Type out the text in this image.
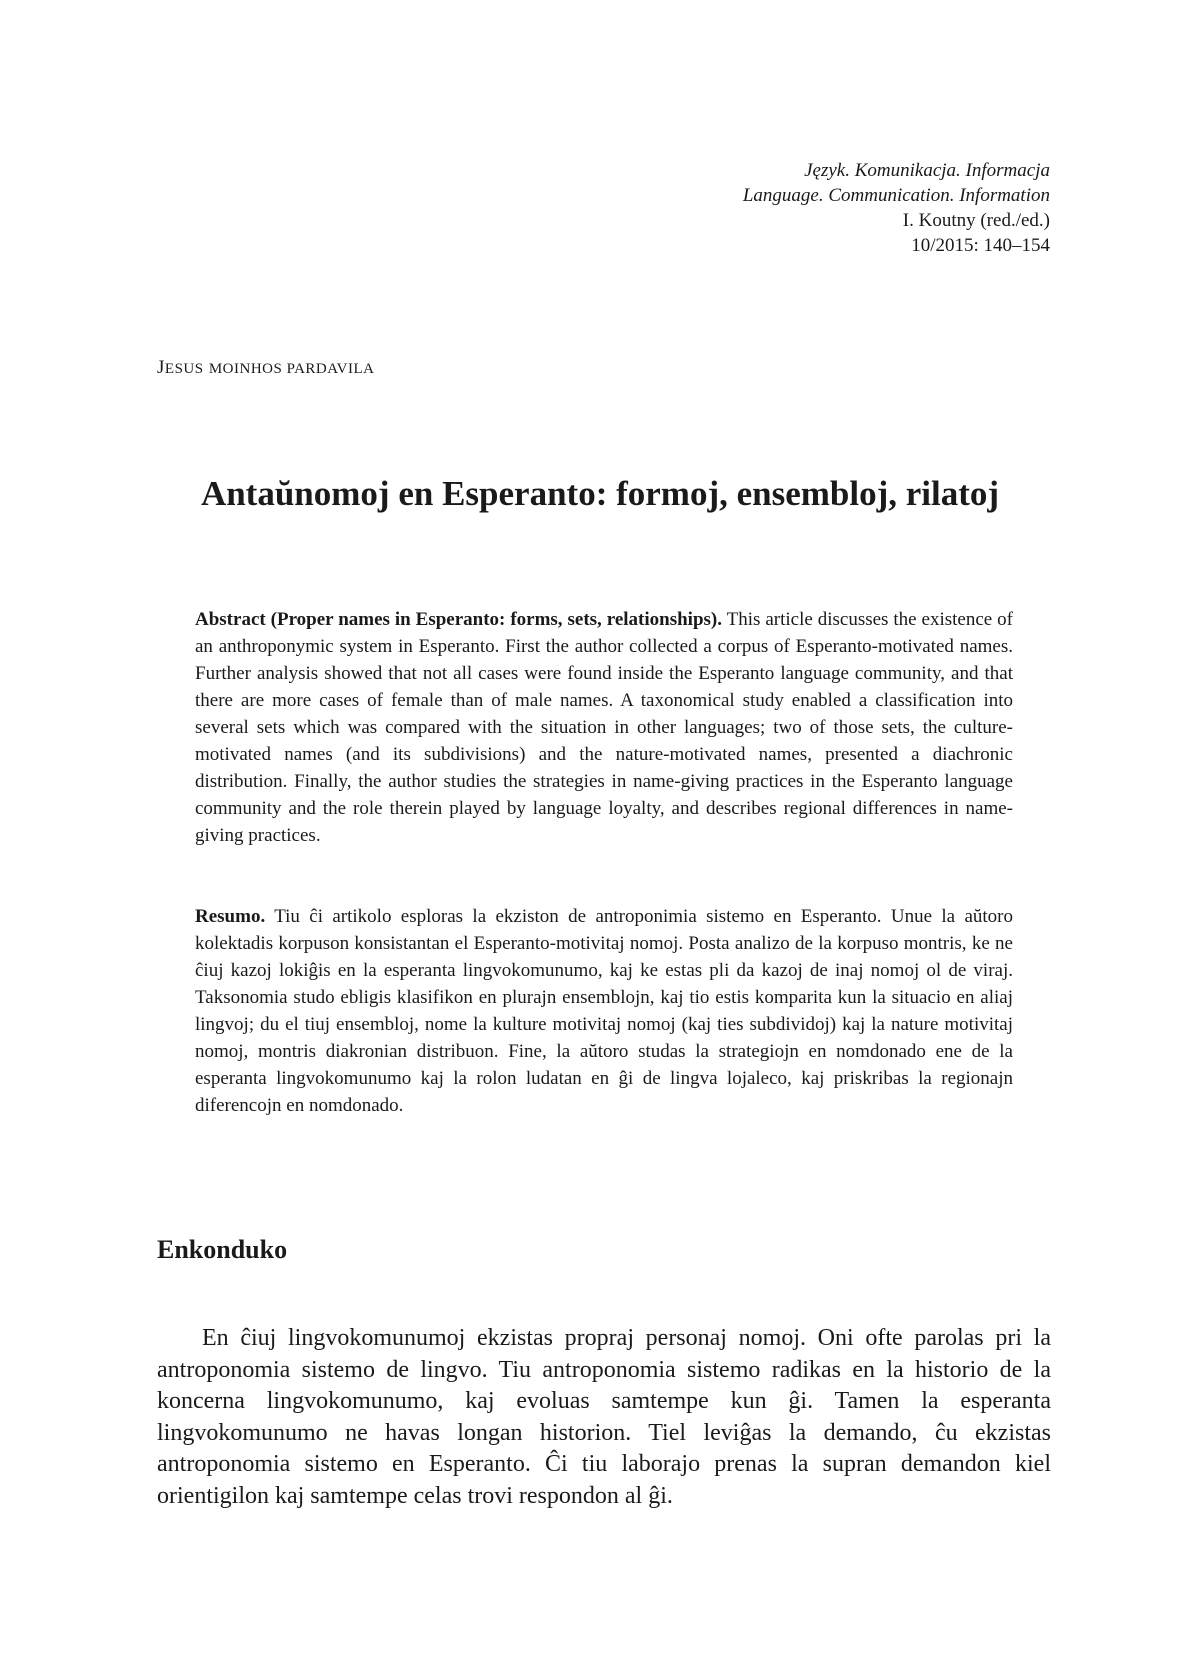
Język. Komunikacja. Informacja
Language. Communication. Information
I. Koutny (red./ed.)
10/2015: 140–154
JESUS MOINHOS PARDAVILA
Antaŭnomoj en Esperanto: formoj, ensembloj, rilatoj

Abstract (Proper names in Esperanto: forms, sets, relationships). This article discusses the existence of an anthroponymic system in Esperanto. First the author collected a corpus of Esperanto-motivated names. Further analysis showed that not all cases were found inside the Esperanto language community, and that there are more cases of female than of male names. A taxonomical study enabled a classification into several sets which was compared with the situation in other languages; two of those sets, the culture-motivated names (and its subdivisions) and the nature-motivated names, presented a diachronic distribution. Finally, the author studies the strategies in name-giving practices in the Esperanto language community and the role therein played by language loyalty, and describes regional differences in name-giving practices.

Resumo. Tiu ĉi artikolo esploras la ekziston de antroponimia sistemo en Esperanto. Unue la aŭtoro kolektadis korpuson konsistantan el Esperanto-motivitaj nomoj. Posta analizo de la korpuso montris, ke ne ĉiuj kazoj lokiĝis en la esperanta lingvokomunumo, kaj ke estas pli da kazoj de inaj nomoj ol de viraj. Taksonomia studo ebligis klasifikon en plurajn ensemblojn, kaj tio estis komparita kun la situacio en aliaj lingvoj; du el tiuj ensembloj, nome la kulture motivitaj nomoj (kaj ties subdividoj) kaj la nature motivitaj nomoj, montris diakronian distribuon. Fine, la aŭtoro studas la strategiojn en nomdonado ene de la esperanta lingvokomunumo kaj la rolon ludatan en ĝi de lingva lojaleco, kaj priskribas la regionajn diferencojn en nomdonado.

Enkonduko

En ĉiuj lingvokomunumoj ekzistas propraj personaj nomoj. Oni ofte parolas pri la antroponomia sistemo de lingvo. Tiu antroponomia sistemo radikas en la historio de la koncerna lingvokomunumo, kaj evoluas samtempe kun ĝi. Tamen la esperanta lingvokomunumo ne havas longan historion. Tiel leviĝas la demando, ĉu ekzistas antroponomia sistemo en Esperanto. Ĉi tiu laborajo prenas la supran demandon kiel orientigilon kaj samtempe celas trovi respondon al ĝi.
